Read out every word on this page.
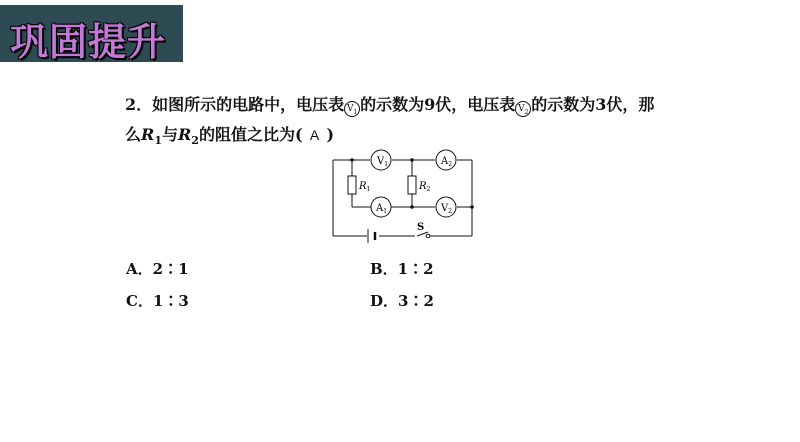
巩固提升
2．如图所示的电路中，电压表 $V_1$ 的示数为9伏，电压表 $V_2$ 的示数为3伏，那
么$R_1$与$R_2$的阻值之比为( A )
$V_1$	$A_2$
$A_1$	$V_2$
$R_1$	$R_2$
S
A．2∶1	B．1∶2
C．1∶3	D．3∶2
